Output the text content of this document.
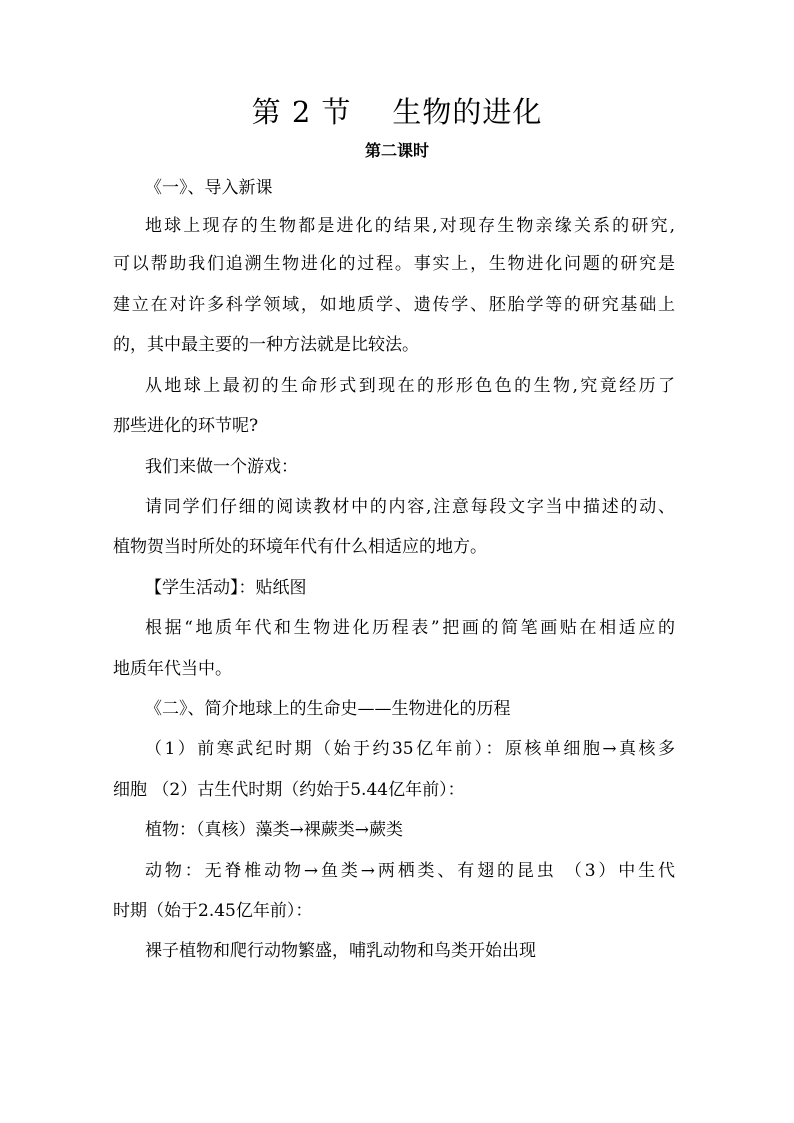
第 2 节    生物的进化
第二课时
《一》、导入新课
地球上现存的生物都是进化的结果,对现存生物亲缘关系的研究,
可以帮助我们追溯生物进化的过程。事实上，生物进化问题的研究是
建立在对许多科学领域，如地质学、遗传学、胚胎学等的研究基础上
的，其中最主要的一种方法就是比较法。
从地球上最初的生命形式到现在的形形色色的生物,究竟经历了
那些进化的环节呢?
我们来做一个游戏：
请同学们仔细的阅读教材中的内容,注意每段文字当中描述的动、
植物贺当时所处的环境年代有什么相适应的地方。
【学生活动】：贴纸图
根据“地质年代和生物进化历程表”把画的简笔画贴在相适应的
地质年代当中。
《二》、简介地球上的生命史——生物进化的历程
（1）前寒武纪时期（始于约35亿年前）：原核单细胞→真核多
细胞 （2）古生代时期（约始于5.44亿年前）：
植物：（真核）藻类→裸蕨类→蕨类
动物：无脊椎动物→鱼类→两栖类、有翅的昆虫 （3）中生代
时期（始于2.45亿年前）：
裸子植物和爬行动物繁盛，哺乳动物和鸟类开始出现
